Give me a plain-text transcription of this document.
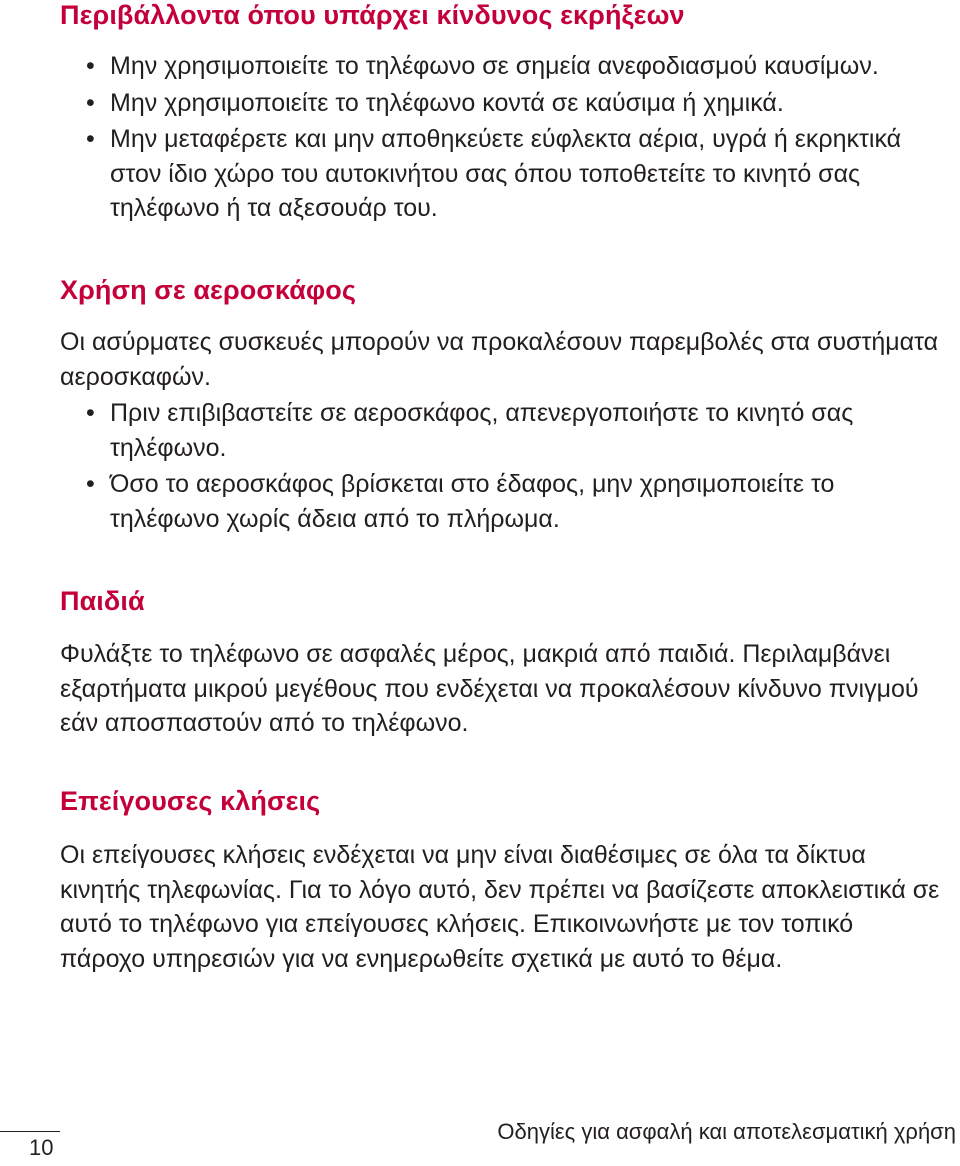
Περιβάλλοντα όπου υπάρχει κίνδυνος εκρήξεων
• Μην χρησιμοποιείτε το τηλέφωνο σε σημεία ανεφοδιασμού καυσίμων.
• Μην χρησιμοποιείτε το τηλέφωνο κοντά σε καύσιμα ή χημικά.
• Μην μεταφέρετε και μην αποθηκεύετε εύφλεκτα αέρια, υγρά ή εκρηκτικά στον ίδιο χώρο του αυτοκινήτου σας όπου τοποθετείτε το κινητό σας τηλέφωνο ή τα αξεσουάρ του.
Χρήση σε αεροσκάφος

Οι ασύρματες συσκευές μπορούν να προκαλέσουν παρεμβολές στα συστήματα αεροσκαφών.

• Πριν επιβιβαστείτε σε αεροσκάφος, απενεργοποιήστε το κινητό σας τηλέφωνο.
• Όσο το αεροσκάφος βρίσκεται στο έδαφος, μην χρησιμοποιείτε το τηλέφωνο χωρίς άδεια από το πλήρωμα.
Παιδιά

Φυλάξτε το τηλέφωνο σε ασφαλές μέρος, μακριά από παιδιά. Περιλαμβάνει εξαρτήματα μικρού μεγέθους που ενδέχεται να προκαλέσουν κίνδυνο πνιγμού εάν αποσπαστούν από το τηλέφωνο.

Επείγουσες κλήσεις

Οι επείγουσες κλήσεις ενδέχεται να μην είναι διαθέσιμες σε όλα τα δίκτυα κινητής τηλεφωνίας. Για το λόγο αυτό, δεν πρέπει να βασίζεστε αποκλειστικά σε αυτό το τηλέφωνο για επείγουσες κλήσεις. Επικοινωνήστε με τον τοπικό πάροχο υπηρεσιών για να ενημερωθείτε σχετικά με αυτό το θέμα.

10
Οδηγίες για ασφαλή και αποτελεσματική χρήση
